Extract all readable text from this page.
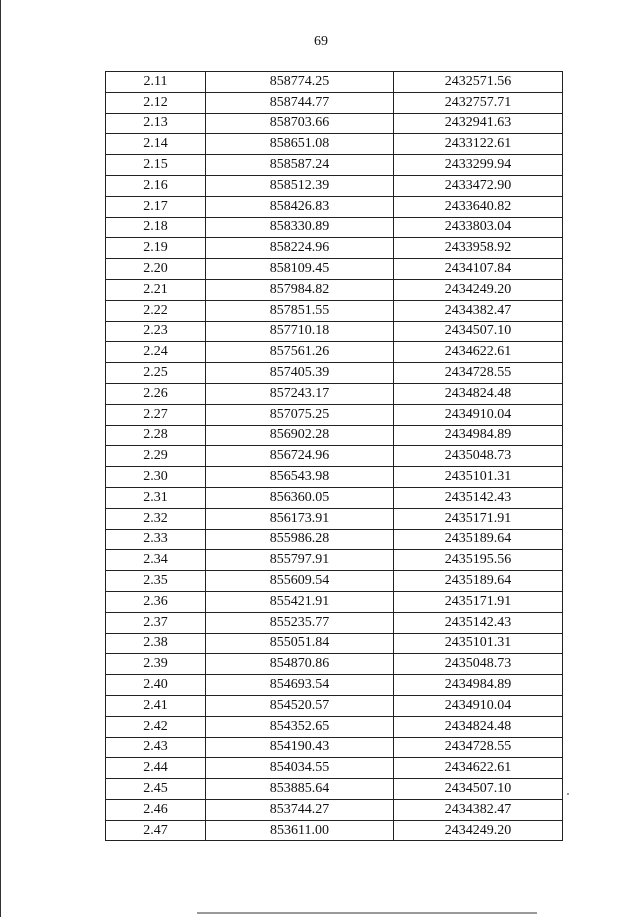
69
2.11	858774.25	2432571.56
2.12	858744.77	2432757.71
2.13	858703.66	2432941.63
2.14	858651.08	2433122.61
2.15	858587.24	2433299.94
2.16	858512.39	2433472.90
2.17	858426.83	2433640.82
2.18	858330.89	2433803.04
2.19	858224.96	2433958.92
2.20	858109.45	2434107.84
2.21	857984.82	2434249.20
2.22	857851.55	2434382.47
2.23	857710.18	2434507.10
2.24	857561.26	2434622.61
2.25	857405.39	2434728.55
2.26	857243.17	2434824.48
2.27	857075.25	2434910.04
2.28	856902.28	2434984.89
2.29	856724.96	2435048.73
2.30	856543.98	2435101.31
2.31	856360.05	2435142.43
2.32	856173.91	2435171.91
2.33	855986.28	2435189.64
2.34	855797.91	2435195.56
2.35	855609.54	2435189.64
2.36	855421.91	2435171.91
2.37	855235.77	2435142.43
2.38	855051.84	2435101.31
2.39	854870.86	2435048.73
2.40	854693.54	2434984.89
2.41	854520.57	2434910.04
2.42	854352.65	2434824.48
2.43	854190.43	2434728.55
2.44	854034.55	2434622.61
2.45	853885.64	2434507.10
2.46	853744.27	2434382.47
2.47	853611.00	2434249.20
